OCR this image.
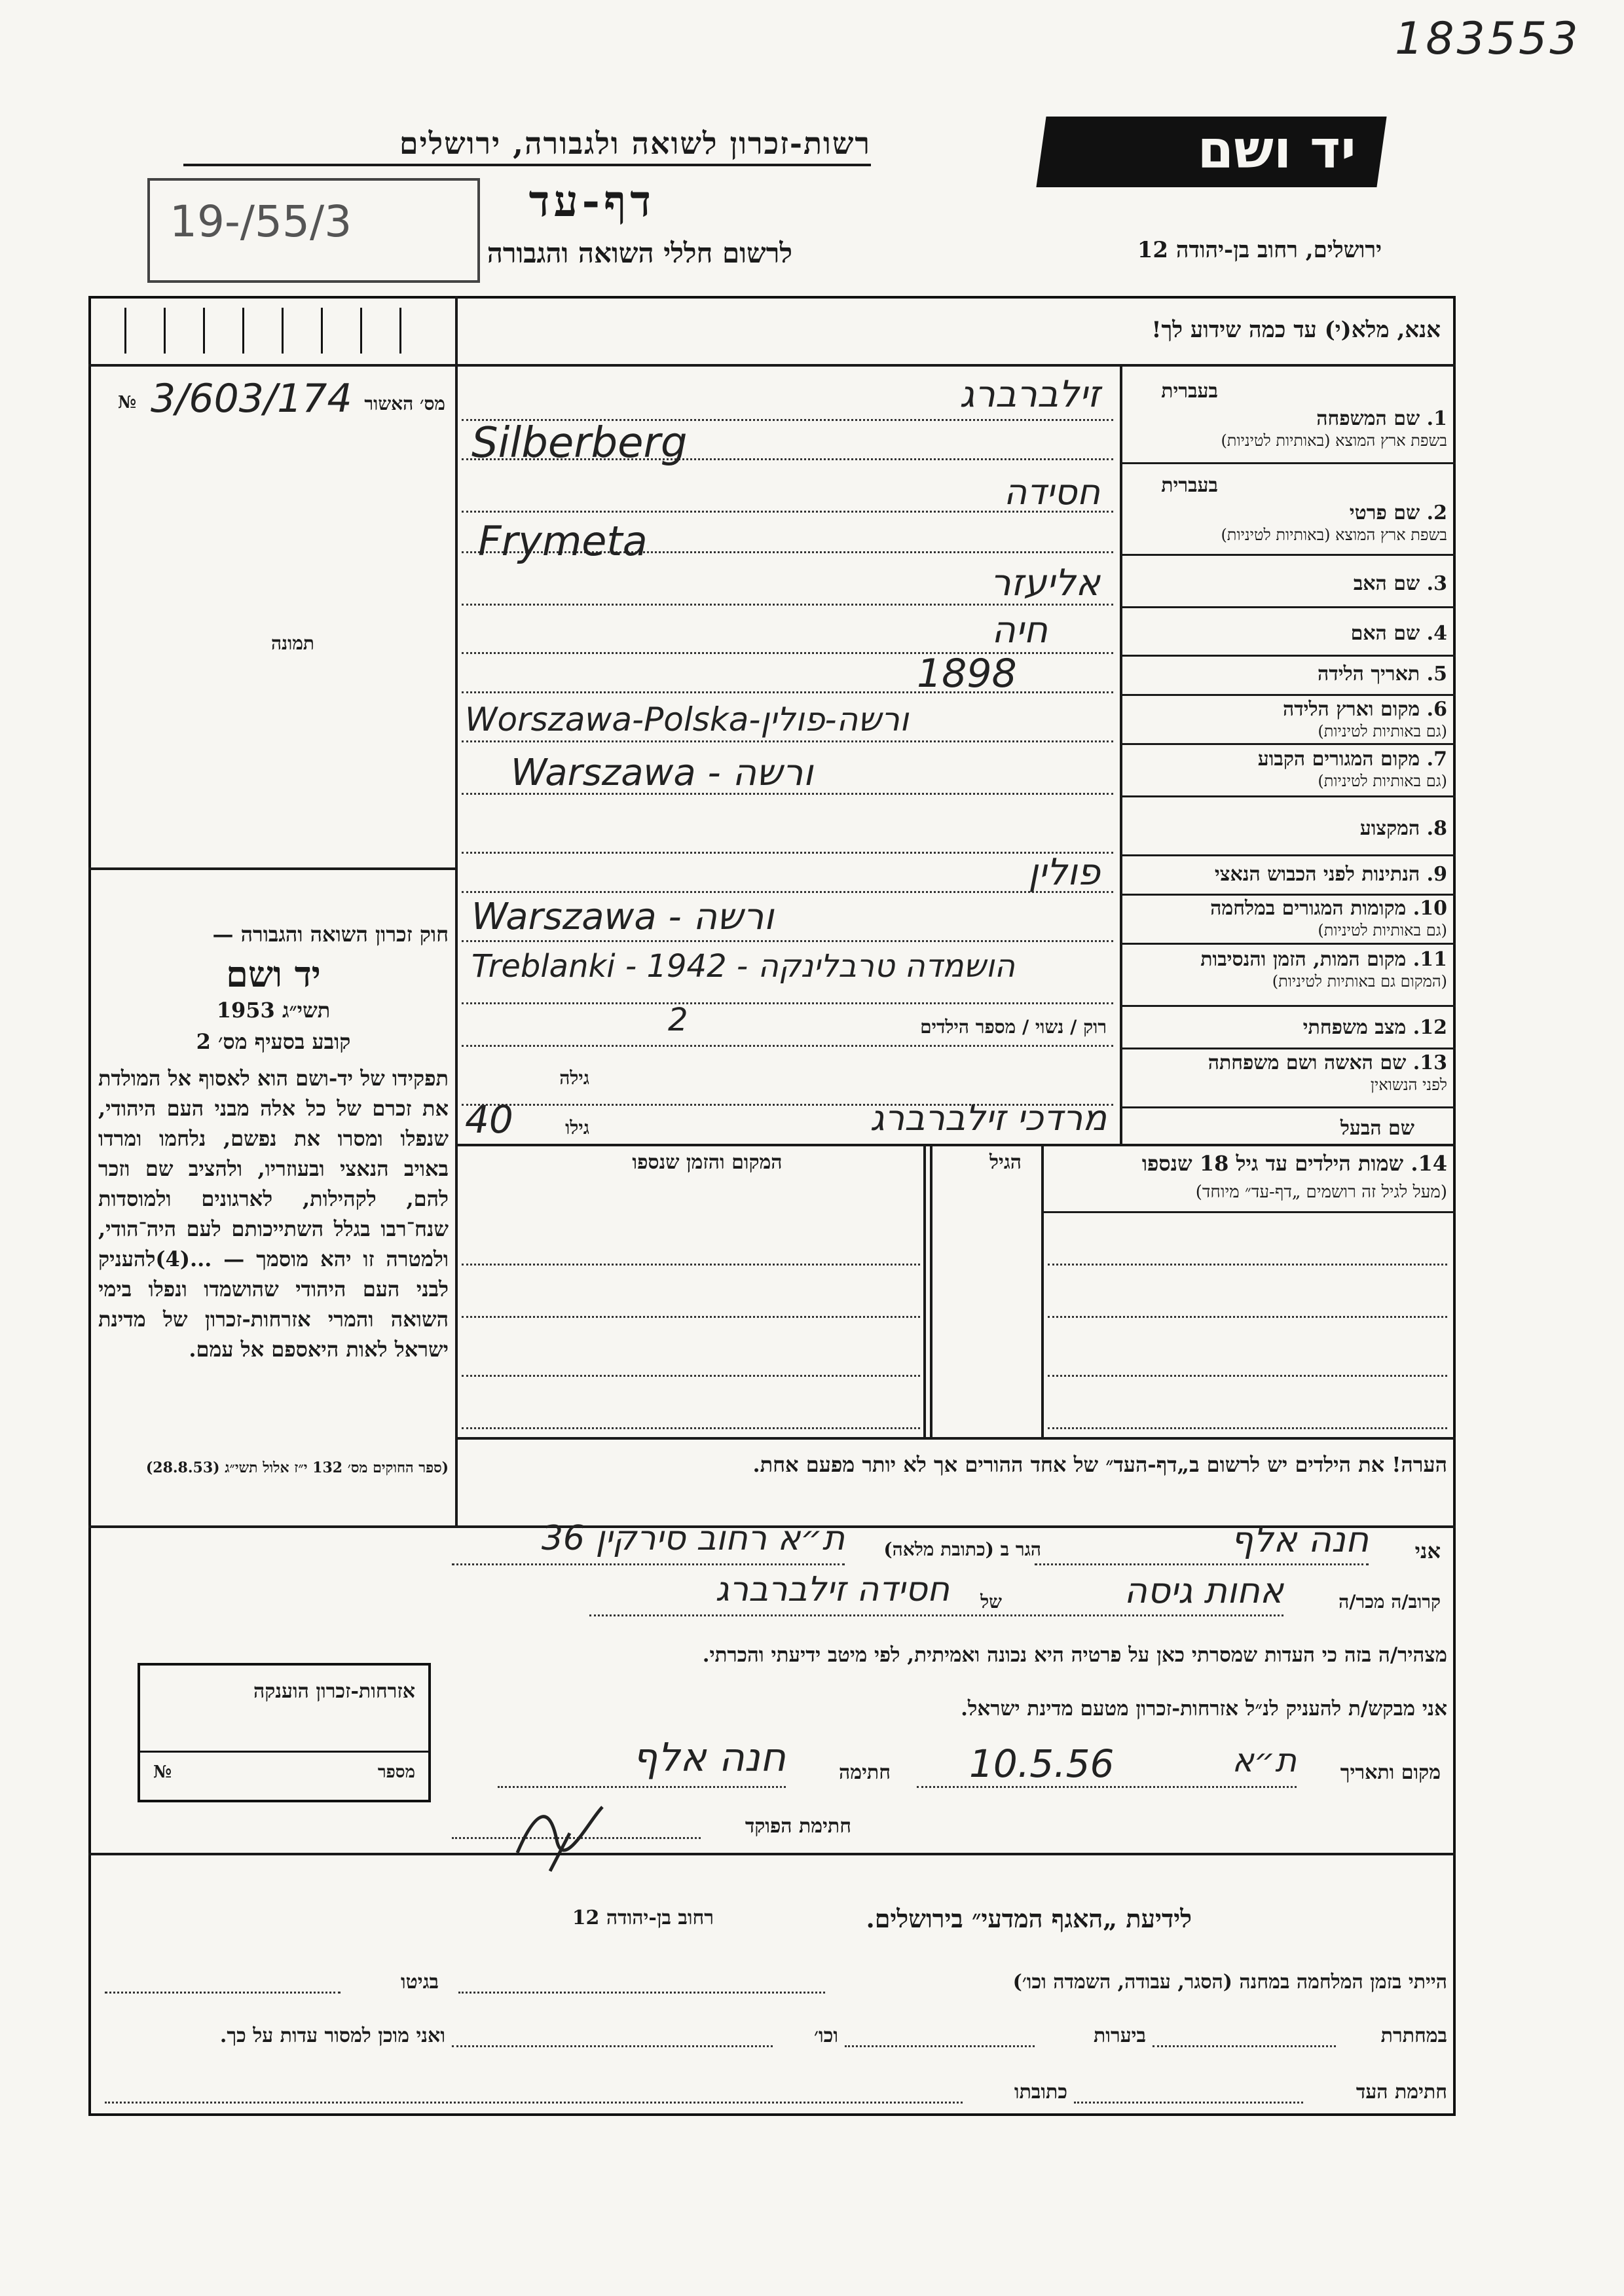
183553
רשות-זכרון לשואה ולגבורה, ירושלים
19-/55/3	דף-עד
לרשום חללי השואה והגבורה
יד ושם
ירושלים, רחוב בן-יהודה 12
אנא, מלא(י) עד כמה שידוע לך!
№ 3/603/174 מס׳ האשור
תמונה
בעברית
1. שם המשפחה
בשפת ארץ המוצא (באותיות לטיניות)
זילברברג
Silberberg
בעברית
2. שם פרטי
בשפת ארץ המוצא (באותיות לטיניות)
חסידה
Frymeta
3. שם האב
אליעזר
4. שם האם
חיה
5. תאריך הלידה
1898
6. מקום וארץ הלידה
(גם באותיות לטיניות)
Worszawa-Polska-ורשה-פולין
7. מקום המגורים הקבוע
(גם באותיות לטיניות)
Warszawa - ורשה
8. המקצוע
9. הנתינות לפני הכבוש הנאצי
פולין
10. מקומות המגורים במלחמה
(גם באותיות לטיניות)
Warszawa - ורשה
11. מקום המות, הזמן והנסיבות
(המקום גם באותיות לטיניות)
Treblanki - 1942 - הושמדה טרבלינקה
12. מצב משפחתי
רוק / נשוי / מספר הילדים
2
13. שם האשה ושם משפחתה
לפני הנשואין
גילה
שם הבעל
מרדכי זילברברג
גילו
40
14. שמות הילדים עד גיל 18 שנספו
(מעל לגיל זה רושמים „דף-עד״ מיוחד)
הגיל
המקום והזמן שנספו
הערה! את הילדים יש לרשום ב„דף-העד״ של אחד ההורים אך לא יותר מפעם אחת.
חוק זכרון השואה והגבורה —
יד ושם
תשי״ג 1953
קובע בסעיף מס׳ 2
תפקידו של יד-ושם הוא לאסוף אל המולדת את זכרם של כל אלה מבני העם היהודי, שנפלו ומסרו את נפשם, נלחמו ומרדו באויב הנאצי ובעוזריו, ולהציב שם וזכר להם, לקהילות, לארגונים ולמוסדות שנח־רבו בגלל השתייכותם לעם היה־הודי, ולמטרה זו יהא מוסמך — ...(4)להעניק לבני העם היהודי שהושמדו ונפלו בימי השואה והמרי אזרחות-זכרון של מדינת ישראל לאות היאספם אל עמם.
(ספר החוקים מס׳ 132 י״ז אלול תשי״ג (28.8.53)
אני
חנה אלף
הגר ב (כתובת מלאה)
ת״א רחוב סירקין 36
קרוב/ה מכר/ה
אחות גיסה
של
חסידה זילברברג
מצהיר/ה בזה כי העדות שמסרתי כאן על פרטיה היא נכונה ואמיתית, לפי מיטב ידיעתי והכרתי.
אני מבקש/ת להעניק לנ״ל אזרחות-זכרון מטעם מדינת ישראל.
מקום ותאריך
ת״א
10.5.56
חתימה
חנה אלף
חתימת הפוקד
אזרחות-זכרון הוענקה
מספר
№
לידיעת „האגף המדעי״ בירושלים.
רחוב בן-יהודה 12
הייתי בזמן המלחמה במחנה (הסגר, עבודה, השמדה וכו׳)
בגיטו
במחתרת
ביערות
וכו׳
ואני מוכן למסור עדות על כך.
חתימת העד
כתובתו
